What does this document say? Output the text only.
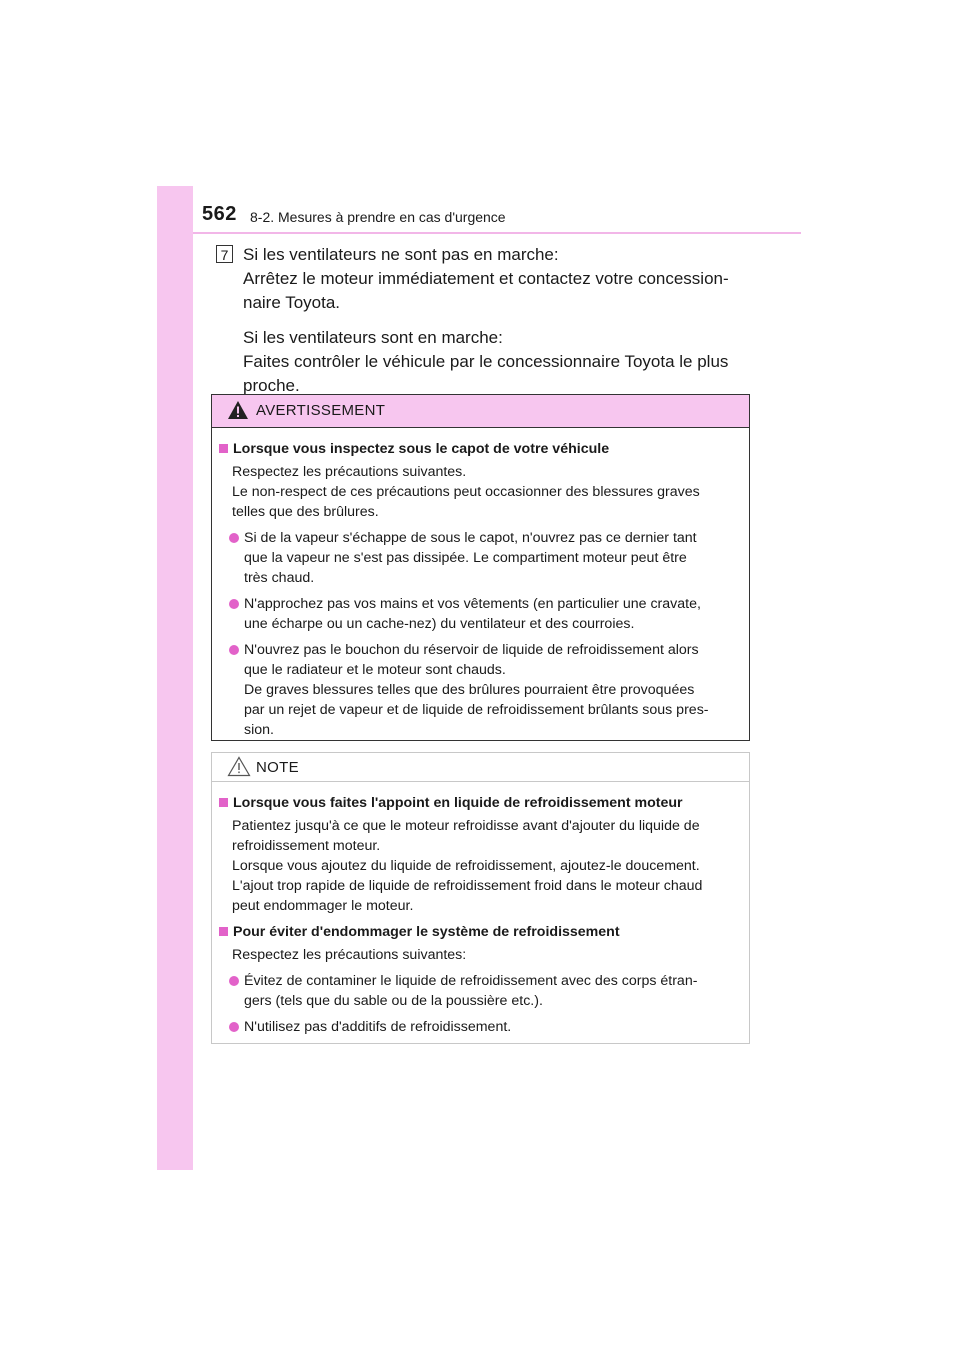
562 8-2. Mesures à prendre en cas d'urgence
7 Si les ventilateurs ne sont pas en marche:

Arrêtez le moteur immédiatement et contactez votre concession-

naire Toyota.

Si les ventilateurs sont en marche:

Faites contrôler le véhicule par le concessionnaire Toyota le plus

proche.

AVERTISSEMENT
Lorsque vous inspectez sous le capot de votre véhicule
Respectez les précautions suivantes.
Le non-respect de ces précautions peut occasionner des blessures graves
telles que des brûlures.
Si de la vapeur s'échappe de sous le capot, n'ouvrez pas ce dernier tant
que la vapeur ne s'est pas dissipée. Le compartiment moteur peut être
très chaud.
N'approchez pas vos mains et vos vêtements (en particulier une cravate,
une écharpe ou un cache-nez) du ventilateur et des courroies.
N'ouvrez pas le bouchon du réservoir de liquide de refroidissement alors
que le radiateur et le moteur sont chauds.
De graves blessures telles que des brûlures pourraient être provoquées
par un rejet de vapeur et de liquide de refroidissement brûlants sous pres-
sion.
NOTE
Lorsque vous faites l'appoint en liquide de refroidissement moteur
Patientez jusqu'à ce que le moteur refroidisse avant d'ajouter du liquide de
refroidissement moteur.
Lorsque vous ajoutez du liquide de refroidissement, ajoutez-le doucement.
L'ajout trop rapide de liquide de refroidissement froid dans le moteur chaud
peut endommager le moteur.
Pour éviter d'endommager le système de refroidissement
Respectez les précautions suivantes:
Évitez de contaminer le liquide de refroidissement avec des corps étran-
gers (tels que du sable ou de la poussière etc.).
N'utilisez pas d'additifs de refroidissement.
